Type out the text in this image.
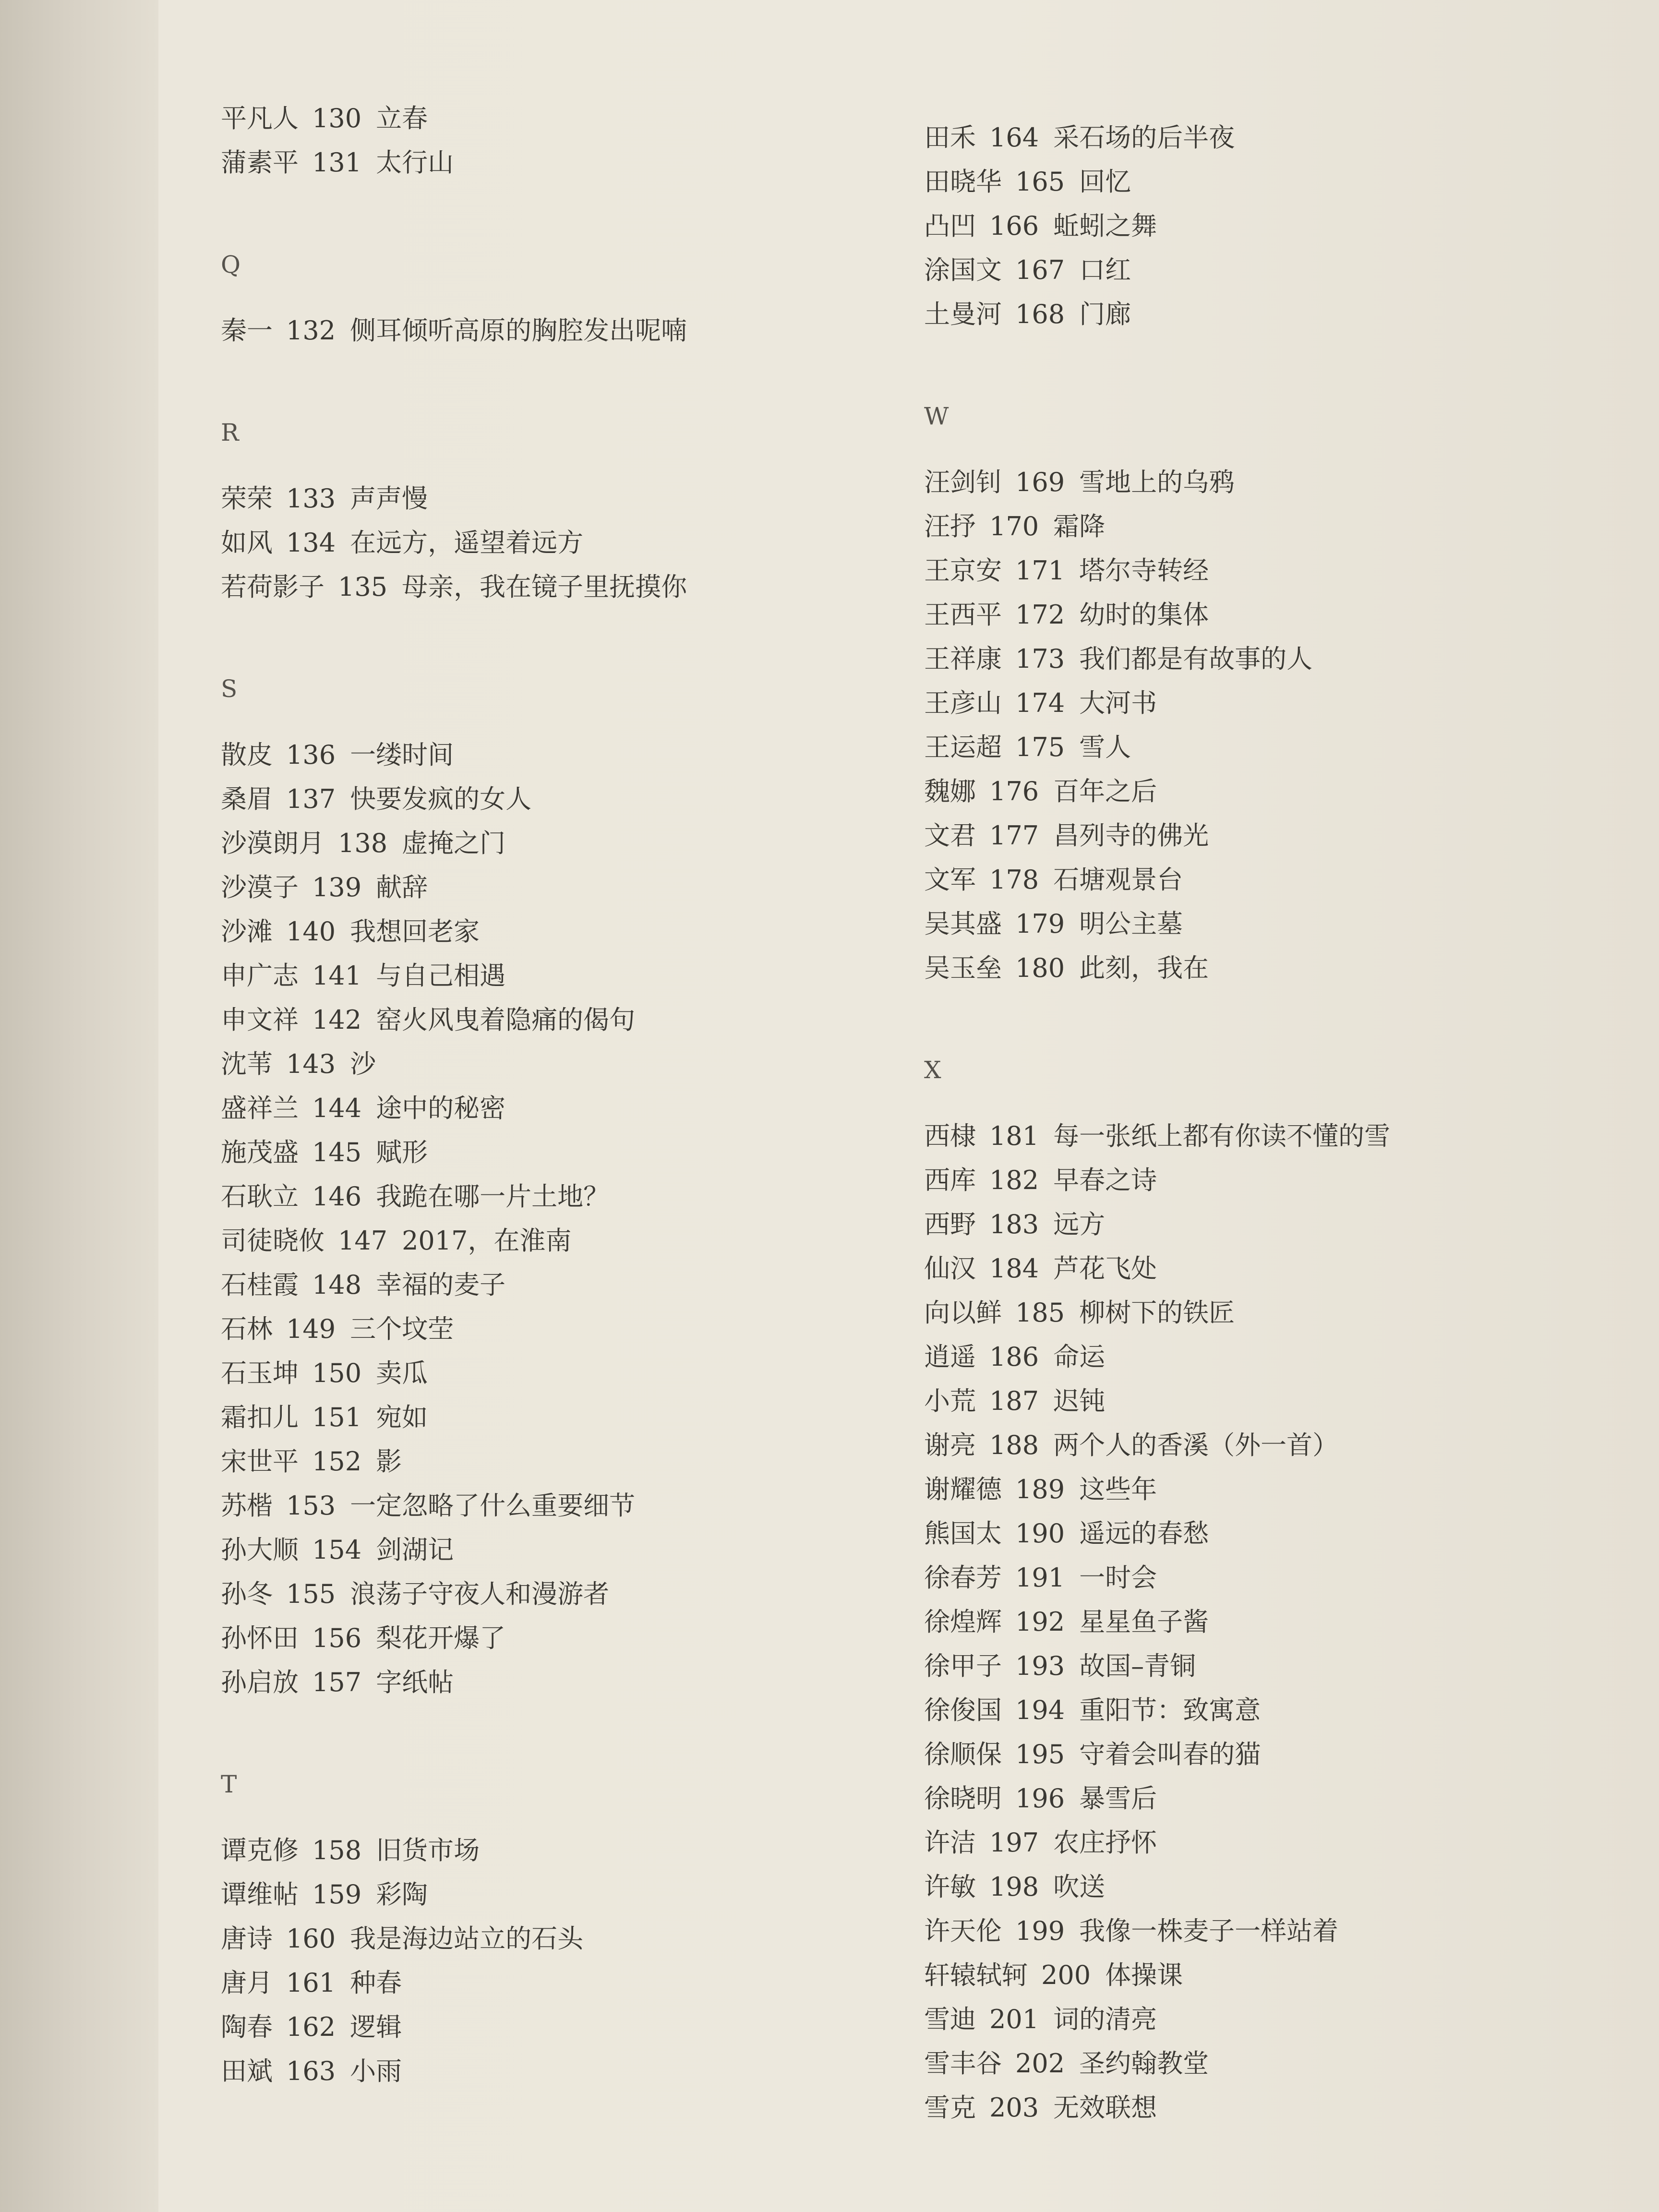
平凡人 130 立春
蒲素平 131 太行山
Q
秦一 132 侧耳倾听高原的胸腔发出呢喃
R
荣荣 133 声声慢
如风 134 在远方，遥望着远方
若荷影子 135 母亲，我在镜子里抚摸你
S
散皮 136 一缕时间
桑眉 137 快要发疯的女人
沙漠朗月 138 虚掩之门
沙漠子 139 献辞
沙滩 140 我想回老家
申广志 141 与自己相遇
申文祥 142 窑火风曳着隐痛的偈句
沈苇 143 沙
盛祥兰 144 途中的秘密
施茂盛 145 赋形
石耿立 146 我跪在哪一片土地？
司徒晓攸 147 2017，在淮南
石桂霞 148 幸福的麦子
石林 149 三个坟茔
石玉坤 150 卖瓜
霜扣儿 151 宛如
宋世平 152 影
苏楷 153 一定忽略了什么重要细节
孙大顺 154 剑湖记
孙冬 155 浪荡子守夜人和漫游者
孙怀田 156 梨花开爆了
孙启放 157 字纸帖
T
谭克修 158 旧货市场
谭维帖 159 彩陶
唐诗 160 我是海边站立的石头
唐月 161 种春
陶春 162 逻辑
田斌 163 小雨
田禾 164 采石场的后半夜
田晓华 165 回忆
凸凹 166 蚯蚓之舞
涂国文 167 口红
土曼河 168 门廊
W
汪剑钊 169 雪地上的乌鸦
汪抒 170 霜降
王京安 171 塔尔寺转经
王西平 172 幼时的集体
王祥康 173 我们都是有故事的人
王彦山 174 大河书
王运超 175 雪人
魏娜 176 百年之后
文君 177 昌列寺的佛光
文军 178 石塘观景台
吴其盛 179 明公主墓
吴玉垒 180 此刻，我在
X
西棣 181 每一张纸上都有你读不懂的雪
西库 182 早春之诗
西野 183 远方
仙汉 184 芦花飞处
向以鲜 185 柳树下的铁匠
逍遥 186 命运
小荒 187 迟钝
谢亮 188 两个人的香溪（外一首）
谢耀德 189 这些年
熊国太 190 遥远的春愁
徐春芳 191 一时会
徐煌辉 192 星星鱼子酱
徐甲子 193 故国–青铜
徐俊国 194 重阳节：致寓意
徐顺保 195 守着会叫春的猫
徐晓明 196 暴雪后
许洁 197 农庄抒怀
许敏 198 吹送
许天伦 199 我像一株麦子一样站着
轩辕轼轲 200 体操课
雪迪 201 词的清亮
雪丰谷 202 圣约翰教堂
雪克 203 无效联想
